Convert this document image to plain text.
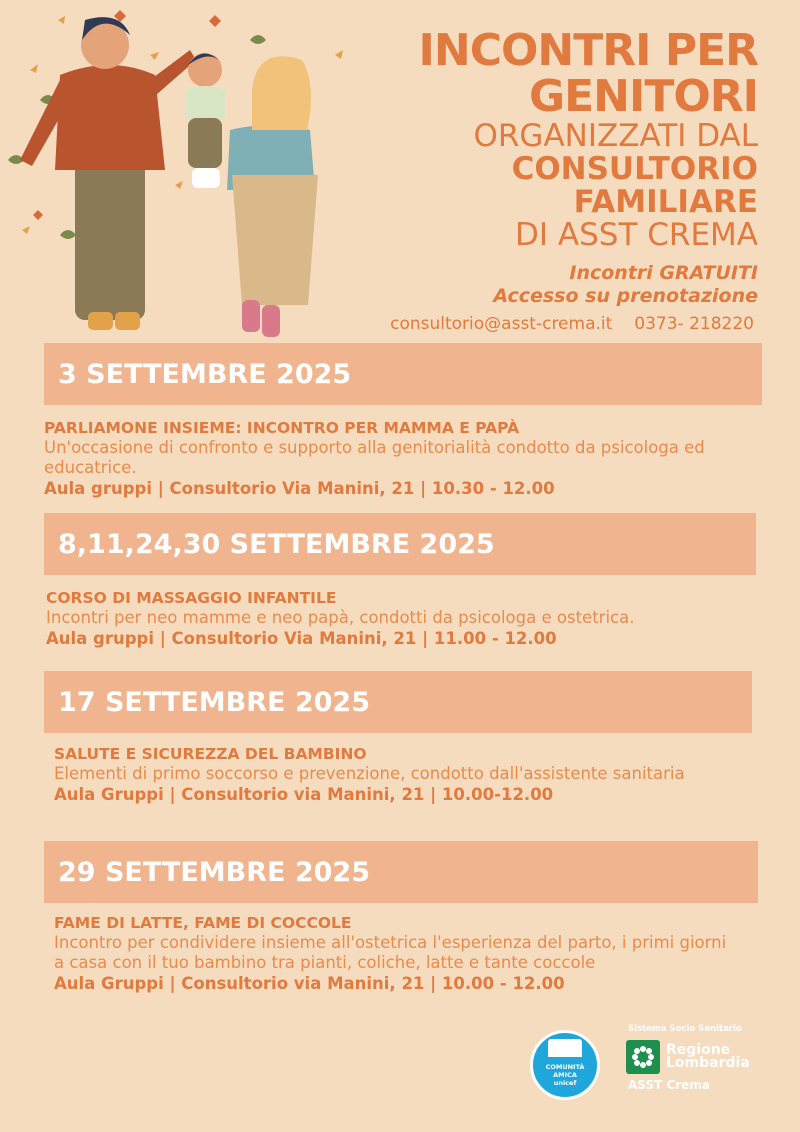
INCONTRI PER
GENITORI
ORGANIZZATI DAL
CONSULTORIO
FAMILIARE
DI ASST CREMA
Incontri GRATUITI
Accesso su prenotazione
consultorio@asst-crema.it 0373- 218220
3 SETTEMBRE 2025
PARLIAMONE INSIEME: INCONTRO PER MAMMA E PAPÀ
Un'occasione di confronto e supporto alla genitorialità condotto da psicologa ed educatrice.
Aula gruppi | Consultorio Via Manini, 21 | 10.30 - 12.00
8,11,24,30 SETTEMBRE 2025
CORSO DI MASSAGGIO INFANTILE
Incontri per neo mamme e neo papà, condotti da psicologa e ostetrica.
Aula gruppi | Consultorio Via Manini, 21 | 11.00 - 12.00
17 SETTEMBRE 2025
SALUTE E SICUREZZA DEL BAMBINO
Elementi di primo soccorso e prevenzione, condotto dall'assistente sanitaria
Aula Gruppi | Consultorio via Manini, 21 | 10.00-12.00
29 SETTEMBRE 2025
FAME DI LATTE, FAME DI COCCOLE
Incontro per condividere insieme all'ostetrica l'esperienza del parto, i primi giorni a casa con il tuo bambino tra pianti, coliche, latte e tante coccole
Aula Gruppi | Consultorio via Manini, 21 | 10.00 - 12.00
COMUNITÀ AMICA
unicef
Sistema Socio Sanitario
Regione
Lombardia
ASST Crema
